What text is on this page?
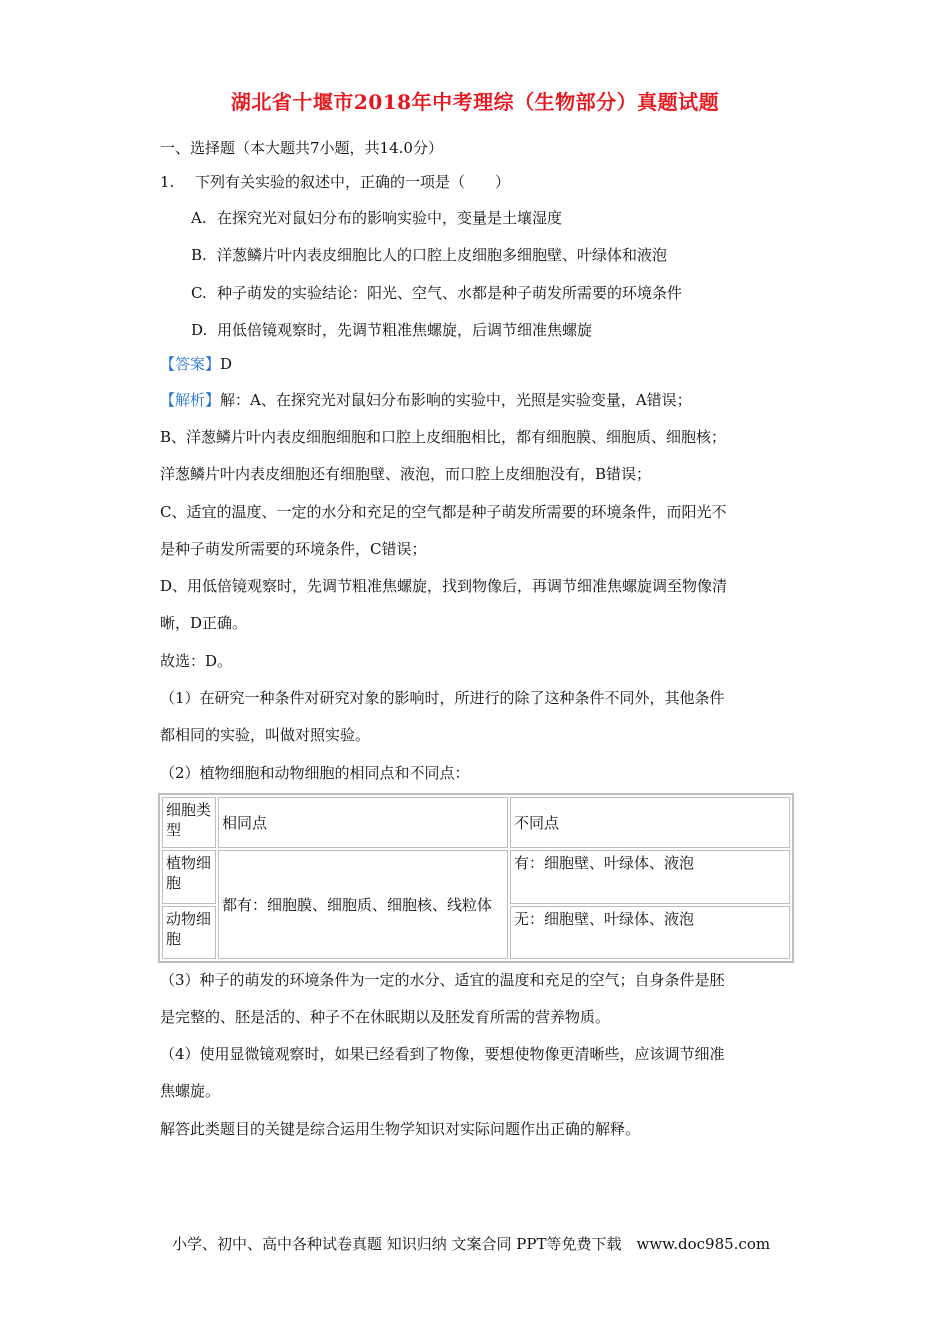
湖北省十堰市2018年中考理综（生物部分）真题试题
一、选择题（本大题共7小题，共14.0分）
1. 下列有关实验的叙述中，正确的一项是（　　）
A. 在探究光对鼠妇分布的影响实验中，变量是土壤湿度
B. 洋葱鳞片叶内表皮细胞比人的口腔上皮细胞多细胞壁、叶绿体和液泡
C. 种子萌发的实验结论：阳光、空气、水都是种子萌发所需要的环境条件
D. 用低倍镜观察时，先调节粗准焦螺旋，后调节细准焦螺旋
【答案】D
【解析】解：A、在探究光对鼠妇分布影响的实验中，光照是实验变量，A错误；
B、洋葱鳞片叶内表皮细胞细胞和口腔上皮细胞相比，都有细胞膜、细胞质、细胞核；
洋葱鳞片叶内表皮细胞还有细胞壁、液泡，而口腔上皮细胞没有，B错误；
C、适宜的温度、一定的水分和充足的空气都是种子萌发所需要的环境条件，而阳光不
是种子萌发所需要的环境条件，C错误；
D、用低倍镜观察时，先调节粗准焦螺旋，找到物像后，再调节细准焦螺旋调至物像清
晰，D正确。
故选：D。
（1）在研究一种条件对研究对象的影响时，所进行的除了这种条件不同外，其他条件
都相同的实验，叫做对照实验。
（2）植物细胞和动物细胞的相同点和不同点：
细胞类型	相同点	不同点
植物细胞	都有：细胞膜、细胞质、细胞核、线粒体	有：细胞壁、叶绿体、液泡
动物细胞		无：细胞壁、叶绿体、液泡
（3）种子的萌发的环境条件为一定的水分、适宜的温度和充足的空气；自身条件是胚
是完整的、胚是活的、种子不在休眠期以及胚发育所需的营养物质。
（4）使用显微镜观察时，如果已经看到了物像，要想使物像更清晰些，应该调节细准
焦螺旋。
解答此类题目的关键是综合运用生物学知识对实际问题作出正确的解释。
小学、初中、高中各种试卷真题 知识归纳 文案合同 PPT等免费下载　www.doc985.com
